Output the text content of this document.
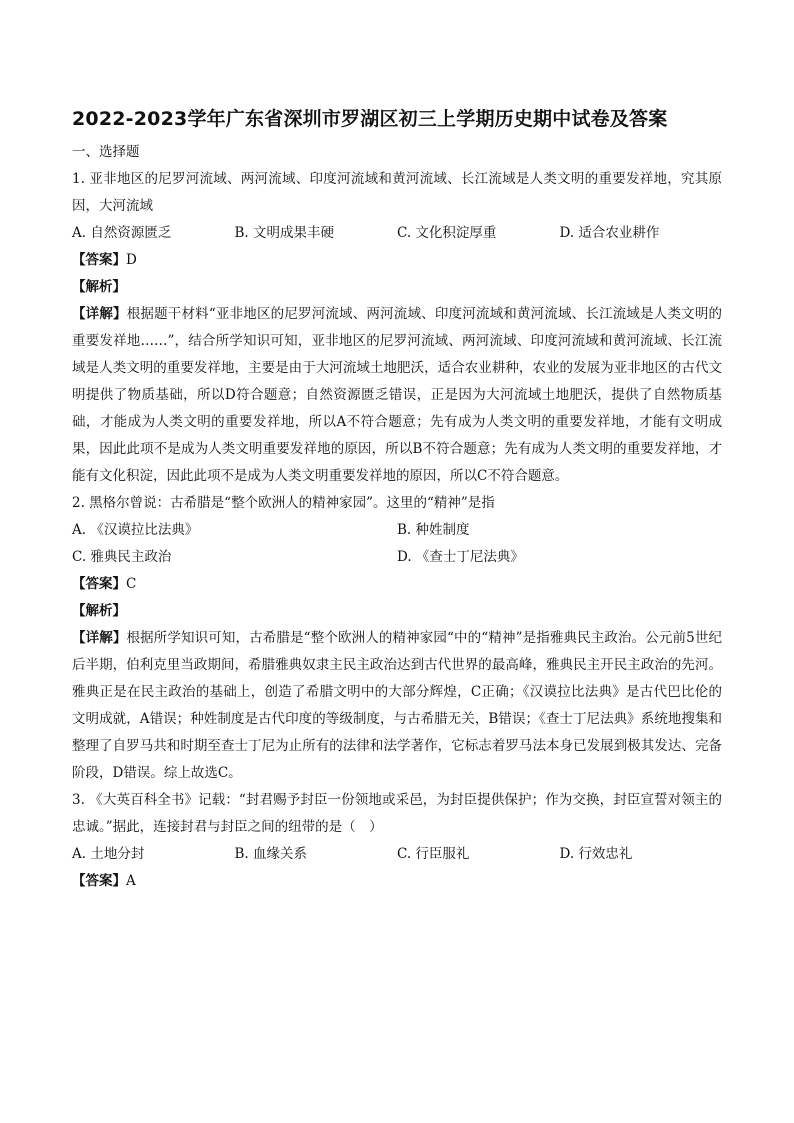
2022-2023学年广东省深圳市罗湖区初三上学期历史期中试卷及答案
一、选择题

1. 亚非地区的尼罗河流域、两河流域、印度河流域和黄河流域、长江流域是人类文明的重要发祥地，究其原因，大河流域

A. 自然资源匮乏	B. 文明成果丰硬	C. 文化积淀厚重	D. 适合农业耕作
【答案】D
【解析】

【详解】根据题干材料“亚非地区的尼罗河流域、两河流域、印度河流域和黄河流域、长江流域是人类文明的重要发祥地……”，结合所学知识可知，亚非地区的尼罗河流域、两河流域、印度河流域和黄河流域、长江流域是人类文明的重要发祥地，主要是由于大河流域土地肥沃，适合农业耕种，农业的发展为亚非地区的古代文明提供了物质基础，所以D符合题意；自然资源匮乏错误，正是因为大河流域土地肥沃，提供了自然物质基础，才能成为人类文明的重要发祥地，所以A不符合题意；先有成为人类文明的重要发祥地，才能有文明成果，因此此项不是成为人类文明重要发祥地的原因，所以B不符合题意；先有成为人类文明的重要发祥地，才能有文化积淀，因此此项不是成为人类文明重要发祥地的原因，所以C不符合题意。

2. 黑格尔曾说：古希腊是“整个欧洲人的精神家园”。这里的“精神”是指

A. 《汉谟拉比法典》	B. 种姓制度
C. 雅典民主政治	D. 《查士丁尼法典》
【答案】C
【解析】

【详解】根据所学知识可知，古希腊是“整个欧洲人的精神家园“中的“精神”是指雅典民主政治。公元前5世纪后半期，伯利克里当政期间，希腊雅典奴隶主民主政治达到古代世界的最高峰，雅典民主开民主政治的先河。雅典正是在民主政治的基础上，创造了希腊文明中的大部分辉煌，C正确；《汉谟拉比法典》是古代巴比伦的文明成就，A错误；种姓制度是古代印度的等级制度，与古希腊无关，B错误；《查士丁尼法典》系统地搜集和整理了自罗马共和时期至查士丁尼为止所有的法律和法学著作，它标志着罗马法本身已发展到极其发达、完备阶段，D错误。综上故选C。

3. 《大英百科全书》记载：“封君赐予封臣一份领地或采邑，为封臣提供保护；作为交换，封臣宣誓对领主的忠诚。”据此，连接封君与封臣之间的纽带的是（　）

A. 土地分封	B. 血缘关系	C. 行臣服礼	D. 行效忠礼
【答案】A
